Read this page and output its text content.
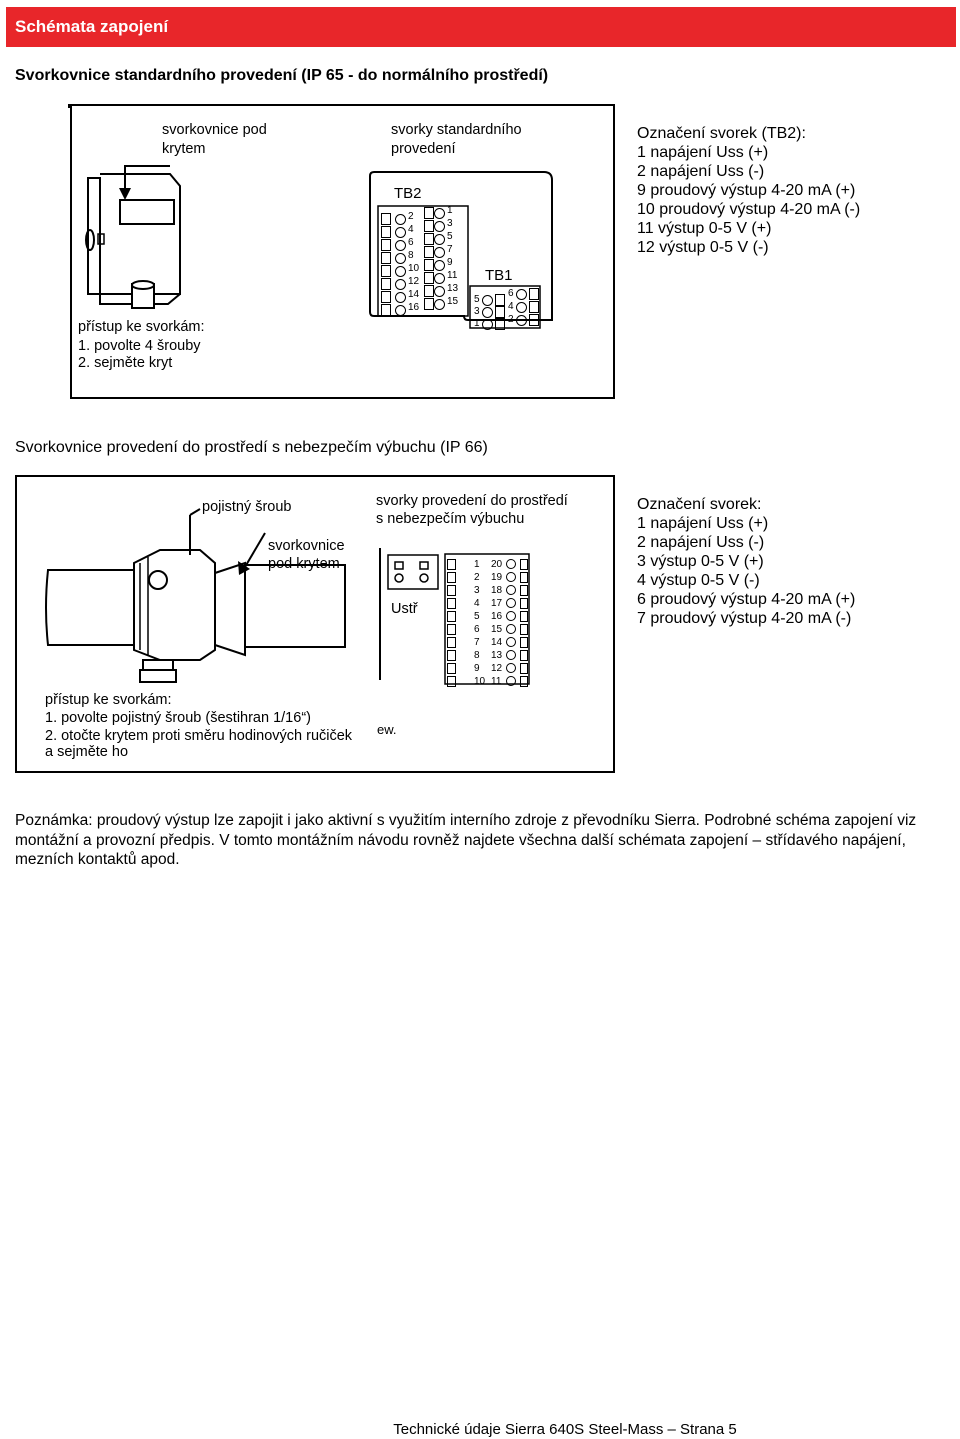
Schémata zapojení
Svorkovnice standardního provedení (IP 65 - do normálního prostředí)
svorkovnice pod
krytem
přístup ke svorkám:
1. povolte 4 šrouby
2. sejměte kryt
svorky standardního
provedení
TB2
TB1
2
4
6
8
10
12
14
16
1
3
5
7
9
11
13
15 5
3
1
6
4
2
Označení svorek (TB2):
1 napájení Uss (+)
2 napájení Uss (-)
9 proudový výstup 4-20 mA (+)
10 proudový výstup 4-20 mA (-)
11 výstup 0-5 V (+)
12 výstup 0-5 V (-)
Svorkovnice provedení do prostředí s nebezpečím výbuchu (IP 66)
pojistný šroub
svorkovnice
pod krytem
přístup ke svorkám:
1. povolte pojistný šroub (šestihran 1/16“)
2. otočte krytem proti směru hodinových ručiček
a sejměte ho
svorky provedení do prostředí
s nebezpečím výbuchu
ew.
Ustř
1
2
3
4
5
6
7
8
9
10
20
19
18
17
16
15
14
13
12
11
Označení svorek:
1 napájení Uss (+)
2 napájení Uss (-)
3 výstup 0-5 V (+)
4 výstup 0-5 V (-)
6 proudový výstup 4-20 mA (+)
7 proudový výstup 4-20 mA (-)
Poznámka: proudový výstup lze zapojit i jako aktivní s využitím interního zdroje z převodníku Sierra. Podrobné schéma zapojení viz montážní a provozní předpis. V tomto montážním návodu rovněž najdete všechna další schémata zapojení – střídavého napájení, mezních kontaktů apod.
Technické údaje Sierra 640S Steel-Mass – Strana 5
